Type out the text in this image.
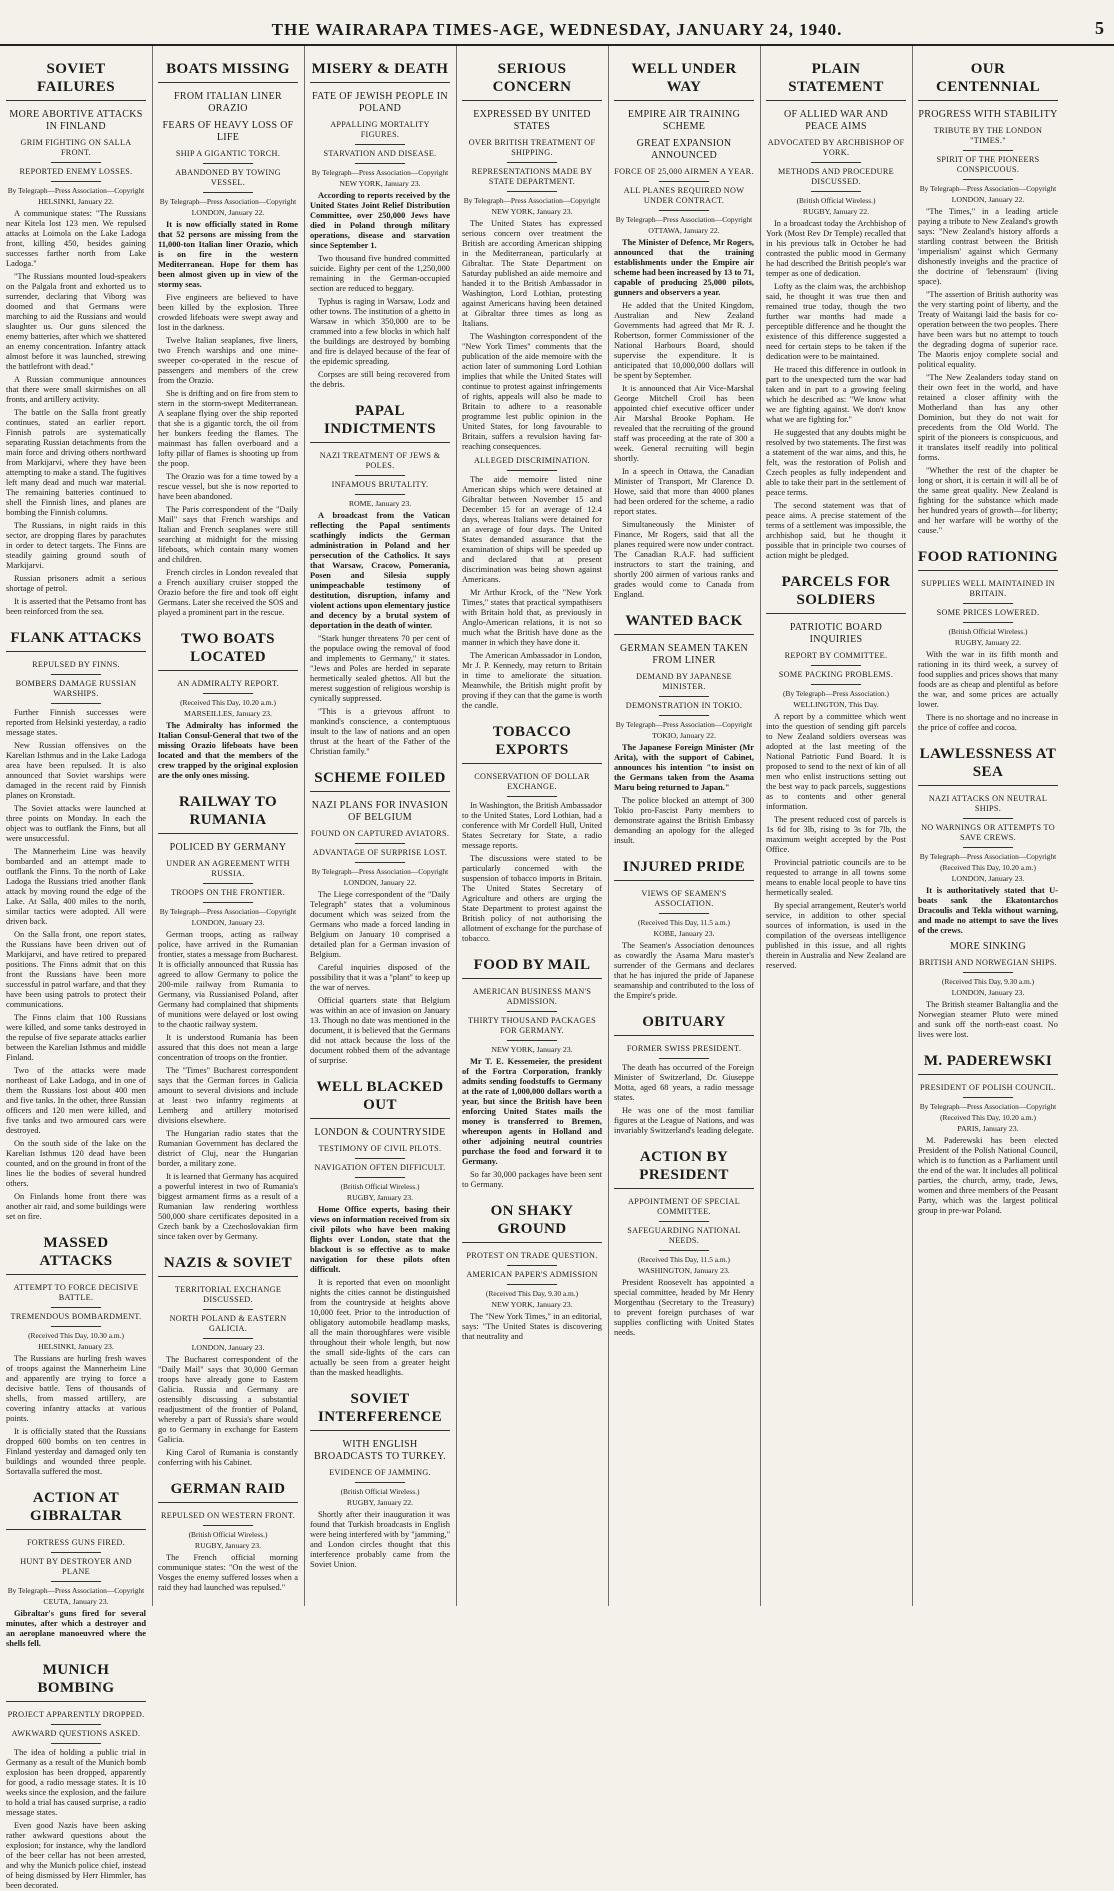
THE WAIRARAPA TIMES-AGE, WEDNESDAY, JANUARY 24, 1940.	5
SOVIET FAILURES
MORE ABORTIVE ATTACKS IN FINLAND
GRIM FIGHTING ON SALLA FRONT.
REPORTED ENEMY LOSSES.
By Telegraph—Press Association—Copyright
HELSINKI, January 22.

A communique states: "The Russians near Kitela lost 123 men. We repulsed attacks at Loimola on the Lake Ladoga front, killing 450, besides gaining successes farther north from Lake Ladoga."

"The Russians mounted loud-speakers on the Palgala front and exhorted us to surrender, declaring that Viborg was doomed and that Germans were marching to aid the Russians and would slaughter us. Our guns silenced the enemy batteries, after which we shattered an enemy concentration. Infantry attack almost before it was launched, strewing the battlefront with dead."

A Russian communique announces that there were small skirmishes on all fronts, and artillery activity.

The battle on the Salla front greatly continues, stated an earlier report. Finnish patrols are systematically separating Russian detachments from the main force and driving others northward from Markijarvi, where they have been attempting to make a stand. The fugitives left many dead and much war material. The remaining batteries continued to shell the Finnish lines, and planes are bombing the Finnish columns.

The Russians, in night raids in this sector, are dropping flares by parachutes in order to detect targets. The Finns are steadily gaining ground south of Markijarvi.

Russian prisoners admit a serious shortage of petrol.

It is asserted that the Petsamo front has been reinforced from the sea.

FLANK ATTACKS
REPULSED BY FINNS.
BOMBERS DAMAGE RUSSIAN WARSHIPS.

Further Finnish successes were reported from Helsinki yesterday, a radio message states.

New Russian offensives on the Karelian Isthmus and in the Lake Ladoga area have been repulsed. It is also announced that Soviet warships were damaged in the recent raid by Finnish planes on Kronstadt.

The Soviet attacks were launched at three points on Monday. In each the object was to outflank the Finns, but all were unsuccessful.

The Mannerheim Line was heavily bombarded and an attempt made to outflank the Finns. To the north of Lake Ladoga the Russians tried another flank attack by moving round the edge of the Lake. At Salla, 400 miles to the north, similar tactics were adopted. All were driven back.

On the Salla front, one report states, the Russians have been driven out of Markijarvi, and have retired to prepared positions. The Finns admit that on this front the Russians have been more successful in patrol warfare, and that they have been using patrols to protect their communications.

The Finns claim that 100 Russians were killed, and some tanks destroyed in the repulse of five separate attacks earlier between the Karelian Isthmus and middle Finland.

Two of the attacks were made northeast of Lake Ladoga, and in one of them the Russians lost about 400 men and five tanks. In the other, three Russian officers and 120 men were killed, and five tanks and two armoured cars were destroyed.

On the south side of the lake on the Karelian Isthmus 120 dead have been counted, and on the ground in front of the lines lie the bodies of several hundred others.

On Finlands home front there was another air raid, and some buildings were set on fire.

MASSED ATTACKS
ATTEMPT TO FORCE DECISIVE BATTLE.
TREMENDOUS BOMBARDMENT.
(Received This Day, 10.30 a.m.)
HELSINKI, January 23.

The Russians are hurling fresh waves of troops against the Mannerheim Line and apparently are trying to force a decisive battle. Tens of thousands of shells, from massed artillery, are covering infantry attacks at various points.

It is officially stated that the Russians dropped 600 bombs on ten centres in Finland yesterday and damaged only ten buildings and wounded three people. Sortavalla suffered the most.

ACTION AT GIBRALTAR
FORTRESS GUNS FIRED.
HUNT BY DESTROYER AND PLANE
By Telegraph—Press Association—Copyright
CEUTA, January 23.

Gibraltar's guns fired for several minutes, after which a destroyer and an aeroplane manoeuvred where the shells fell.

MUNICH BOMBING
PROJECT APPARENTLY DROPPED.
AWKWARD QUESTIONS ASKED.

The idea of holding a public trial in Germany as a result of the Munich bomb explosion has been dropped, apparently for good, a radio message states. It is 10 weeks since the explosion, and the failure to hold a trial has caused surprise, a radio message states.

Even good Nazis have been asking rather awkward questions about the explosion; for instance, why the landlord of the beer cellar has not been arrested, and why the Munich police chief, instead of being dismissed by Herr Himmler, has been decorated.

BOATS MISSING
FROM ITALIAN LINER ORAZIO
FEARS OF HEAVY LOSS OF LIFE
SHIP A GIGANTIC TORCH.
ABANDONED BY TOWING VESSEL.
By Telegraph—Press Association—Copyright
LONDON, January 22.

It is now officially stated in Rome that 52 persons are missing from the 11,000-ton Italian liner Orazio, which is on fire in the western Mediterranean. Hope for them has been almost given up in view of the stormy seas.

Five engineers are believed to have been killed by the explosion. Three crowded lifeboats were swept away and lost in the darkness.

Twelve Italian seaplanes, five liners, two French warships and one mine-sweeper co-operated in the rescue of passengers and members of the crew from the Orazio.

She is drifting and on fire from stem to stern in the storm-swept Mediterranean. A seaplane flying over the ship reported that she is a gigantic torch, the oil from her bunkers feeding the flames. The mainmast has fallen overboard and a lofty pillar of flames is shooting up from the poop.

The Orazio was for a time towed by a rescue vessel, but she is now reported to have been abandoned.

The Paris correspondent of the "Daily Mail" says that French warships and Italian and French seaplanes were still searching at midnight for the missing lifeboats, which contain many women and children.

French circles in London revealed that a French auxiliary cruiser stopped the Orazio before the fire and took off eight Germans. Later she received the SOS and played a prominent part in the rescue.

TWO BOATS LOCATED
AN ADMIRALTY REPORT.
(Received This Day, 10.20 a.m.)
MARSEILLES, January 23.

The Admiralty has informed the Italian Consul-General that two of the missing Orazio lifeboats have been located and that the members of the crew trapped by the original explosion are the only ones missing.

RAILWAY TO RUMANIA
POLICED BY GERMANY
UNDER AN AGREEMENT WITH RUSSIA.
TROOPS ON THE FRONTIER.
By Telegraph—Press Association—Copyright
LONDON, January 23.

German troops, acting as railway police, have arrived in the Rumanian frontier, states a message from Bucharest. It is officially announced that Russia has agreed to allow Germany to police the 200-mile railway from Rumania to Germany, via Russianised Poland, after Germany had complained that shipments of munitions were delayed or lost owing to the chaotic railway system.

It is understood Rumania has been assured that this does not mean a large concentration of troops on the frontier.

The "Times" Bucharest correspondent says that the German forces in Galicia amount to several divisions and include at least two infantry regiments at Lemberg and artillery motorised divisions elsewhere.

The Hungarian radio states that the Rumanian Government has declared the district of Cluj, near the Hungarian border, a military zone.

It is learned that Germany has acquired a powerful interest in two of Rumania's biggest armament firms as a result of a Rumanian law rendering worthless 500,000 share certificates deposited in a Czech bank by a Czechoslovakian firm since taken over by Germany.

NAZIS & SOVIET
TERRITORIAL EXCHANGE DISCUSSED.
NORTH POLAND & EASTERN GALICIA.
LONDON, January 23.

The Bucharest correspondent of the "Daily Mail" says that 30,000 German troops have already gone to Eastern Galicia. Russia and Germany are ostensibly discussing a substantial readjustment of the frontier of Poland, whereby a part of Russia's share would go to Germany in exchange for Eastern Galicia.

King Carol of Rumania is constantly conferring with his Cabinet.

GERMAN RAID
REPULSED ON WESTERN FRONT.
(British Official Wireless.)
RUGBY, January 23.

The French official morning communique states: "On the west of the Vosges the enemy suffered losses when a raid they had launched was repulsed."

MISERY & DEATH
FATE OF JEWISH PEOPLE IN POLAND
APPALLING MORTALITY FIGURES.
STARVATION AND DISEASE.
By Telegraph—Press Association—Copyright
NEW YORK, January 23.

According to reports received by the United States Joint Relief Distribution Committee, over 250,000 Jews have died in Poland through military operations, disease and starvation since September 1.

Two thousand five hundred committed suicide. Eighty per cent of the 1,250,000 remaining in the German-occupied section are reduced to beggary.

Typhus is raging in Warsaw, Lodz and other towns. The institution of a ghetto in Warsaw in which 350,000 are to be crammed into a few blocks in which half the buildings are destroyed by bombing and fire is delayed because of the fear of the epidemic spreading.

Corpses are still being recovered from the debris.

PAPAL INDICTMENTS
NAZI TREATMENT OF JEWS & POLES.
INFAMOUS BRUTALITY.
ROME, January 23.

A broadcast from the Vatican reflecting the Papal sentiments scathingly indicts the German administration in Poland and her persecution of the Catholics. It says that Warsaw, Cracow, Pomerania, Posen and Silesia supply unimpeachable testimony of destitution, disruption, infamy and violent actions upon elementary justice and decency by a brutal system of deportation in the death of winter.

"Stark hunger threatens 70 per cent of the populace owing the removal of food and implements to Germany," it states. "Jews and Poles are herded in separate hermetically sealed ghettos. All but the merest suggestion of religious worship is cynically suppressed.

"This is a grievous affront to mankind's conscience, a contemptuous insult to the law of nations and an open thrust at the heart of the Father of the Christian family."

SCHEME FOILED
NAZI PLANS FOR INVASION OF BELGIUM
FOUND ON CAPTURED AVIATORS.
ADVANTAGE OF SURPRISE LOST.
By Telegraph—Press Association—Copyright
LONDON, January 22.

The Liege correspondent of the "Daily Telegraph" states that a voluminous document which was seized from the Germans who made a forced landing in Belgium on January 10 comprised a detailed plan for a German invasion of Belgium.

Careful inquiries disposed of the possibility that it was a "plant" to keep up the war of nerves.

Official quarters state that Belgium was within an ace of invasion on January 13. Though no date was mentioned in the document, it is believed that the Germans did not attack because the loss of the document robbed them of the advantage of surprise.

WELL BLACKED OUT
LONDON & COUNTRYSIDE
TESTIMONY OF CIVIL PILOTS.
NAVIGATION OFTEN DIFFICULT.
(British Official Wireless.)
RUGBY, January 23.

Home Office experts, basing their views on information received from six civil pilots who have been making flights over London, state that the blackout is so effective as to make navigation for these pilots often difficult.

It is reported that even on moonlight nights the cities cannot be distinguished from the countryside at heights above 10,000 feet. Prior to the introduction of obligatory automobile headlamp masks, all the main thoroughfares were visible throughout their whole length, but now the small side-lights of the cars can actually be seen from a greater height than the masked headlights.

SOVIET INTERFERENCE
WITH ENGLISH BROADCASTS TO TURKEY.
EVIDENCE OF JAMMING.
(British Official Wireless.)
RUGBY, January 22.

Shortly after their inauguration it was found that Turkish broadcasts in English were being interfered with by "jamming," and London circles thought that this interference probably came from the Soviet Union.

SERIOUS CONCERN
EXPRESSED BY UNITED STATES
OVER BRITISH TREATMENT OF SHIPPING.
REPRESENTATIONS MADE BY STATE DEPARTMENT.
By Telegraph—Press Association—Copyright
NEW YORK, January 23.

The United States has expressed serious concern over treatment the British are according American shipping in the Mediterranean, particularly at Gibraltar. The State Department on Saturday published an aide memoire and handed it to the British Ambassador in Washington, Lord Lothian, protesting against Americans having been detained at Gibraltar three times as long as Italians.

The Washington correspondent of the "New York Times" comments that the publication of the aide memoire with the action later of summoning Lord Lothian implies that while the United States will continue to protest against infringements of rights, appeals will also be made to Britain to adhere to a reasonable programme lest public opinion in the United States, for long favourable to Britain, suffers a revulsion having far-reaching consequences.

ALLEGED DISCRIMINATION.

The aide memoire listed nine American ships which were detained at Gibraltar between November 15 and December 15 for an average of 12.4 days, whereas Italians were detained for an average of four days. The United States demanded assurance that the examination of ships will be speeded up and declared that at present discrimination was being shown against Americans.

Mr Arthur Krock, of the "New York Times," states that practical sympathisers with Britain hold that, as previously in Anglo-American relations, it is not so much what the British have done as the manner in which they have done it.

The American Ambassador in London, Mr J. P. Kennedy, may return to Britain in time to ameliorate the situation. Meanwhile, the British might profit by proving if they can that the game is worth the candle.

TOBACCO EXPORTS
CONSERVATION OF DOLLAR EXCHANGE.

In Washington, the British Ambassador to the United States, Lord Lothian, had a conference with Mr Cordell Hull, United States Secretary for State, a radio message reports.

The discussions were stated to be particularly concerned with the suspension of tobacco imports in Britain. The United States Secretary of Agriculture and others are urging the State Department to protest against the British policy of not authorising the allotment of exchange for the purchase of tobacco.

FOOD BY MAIL
AMERICAN BUSINESS MAN'S ADMISSION.
THIRTY THOUSAND PACKAGES FOR GERMANY.
NEW YORK, January 23.

Mr T. E. Kessemeier, the president of the Fortra Corporation, frankly admits sending foodstuffs to Germany at the rate of 1,000,000 dollars worth a year, but since the British have been enforcing United States mails the money is transferred to Bremen, whereupon agents in Holland and other adjoining neutral countries purchase the food and forward it to Germany.

So far 30,000 packages have been sent to Germany.

ON SHAKY GROUND
PROTEST ON TRADE QUESTION.
AMERICAN PAPER'S ADMISSION
(Received This Day, 9.30 a.m.)
NEW YORK, January 23.

The "New York Times," in an editorial, says: "The United States is discovering that neutrality and

WELL UNDER WAY
EMPIRE AIR TRAINING SCHEME
GREAT EXPANSION ANNOUNCED
FORCE OF 25,000 AIRMEN A YEAR.
ALL PLANES REQUIRED NOW UNDER CONTRACT.
By Telegraph—Press Association—Copyright
OTTAWA, January 22.

The Minister of Defence, Mr Rogers, announced that the training establishments under the Empire air scheme had been increased by 13 to 71, capable of producing 25,000 pilots, gunners and observers a year.

He added that the United Kingdom, Australian and New Zealand Governments had agreed that Mr R. J. Robertson, former Commissioner of the National Harbours Board, should supervise the expenditure. It is anticipated that 10,000,000 dollars will be spent by September.

It is announced that Air Vice-Marshal George Mitchell Croil has been appointed chief executive officer under Air Marshal Brooke Popham. He revealed that the recruiting of the ground staff was proceeding at the rate of 300 a week. General recruiting will begin shortly.

In a speech in Ottawa, the Canadian Minister of Transport, Mr Clarence D. Howe, said that more than 4000 planes had been ordered for the scheme, a radio report states.

Simultaneously the Minister of Finance, Mr Rogers, said that all the planes required were now under contract. The Canadian R.A.F. had sufficient instructors to start the training, and shortly 200 airmen of various ranks and grades would come to Canada from England.

WANTED BACK
GERMAN SEAMEN TAKEN FROM LINER
DEMAND BY JAPANESE MINISTER.
DEMONSTRATION IN TOKIO.
By Telegraph—Press Association—Copyright
TOKIO, January 22.

The Japanese Foreign Minister (Mr Arita), with the support of Cabinet, announces his intention "to insist on the Germans taken from the Asama Maru being returned to Japan."

The police blocked an attempt of 300 Tokio pro-Fascist Party members to demonstrate against the British Embassy demanding an apology for the alleged insult.

INJURED PRIDE
VIEWS OF SEAMEN'S ASSOCIATION.
(Received This Day, 11.5 a.m.)
KOBE, January 23.

The Seamen's Association denounces as cowardly the Asama Maru master's surrender of the Germans and declares that he has injured the pride of Japanese seamanship and contributed to the loss of the Empire's pride.

OBITUARY
FORMER SWISS PRESIDENT.

The death has occurred of the Foreign Minister of Switzerland, Dr. Giuseppe Motta, aged 68 years, a radio message states.

He was one of the most familiar figures at the League of Nations, and was invariably Switzerland's leading delegate.

ACTION BY PRESIDENT
APPOINTMENT OF SPECIAL COMMITTEE.
SAFEGUARDING NATIONAL NEEDS.
(Received This Day, 11.5 a.m.)
WASHINGTON, January 23.

President Roosevelt has appointed a special committee, headed by Mr Henry Morgenthau (Secretary to the Treasury) to prevent foreign purchases of war supplies conflicting with United States needs.

PLAIN STATEMENT
OF ALLIED WAR AND PEACE AIMS
ADVOCATED BY ARCHBISHOP OF YORK.
METHODS AND PROCEDURE DISCUSSED.
(British Official Wireless.)
RUGBY, January 22.

In a broadcast today the Archbishop of York (Most Rev Dr Temple) recalled that in his previous talk in October he had contrasted the public mood in Germany he had described the British people's war temper as one of dedication.

Lofty as the claim was, the archbishop said, he thought it was true then and remained true today, though the two further war months had made a perceptible difference and he thought the existence of this difference suggested a need for certain steps to be taken if the dedication were to be maintained.

He traced this difference in outlook in part to the unexpected turn the war had taken and in part to a growing feeling which he described as: "We know what we are fighting against. We don't know what we are fighting for."

He suggested that any doubts might be resolved by two statements. The first was a statement of the war aims, and this, he felt, was the restoration of Polish and Czech peoples as fully independent and able to take their part in the settlement of peace terms.

The second statement was that of peace aims. A precise statement of the terms of a settlement was impossible, the archbishop said, but he thought it possible that in principle two courses of action might be pledged.

PARCELS FOR SOLDIERS
PATRIOTIC BOARD INQUIRIES
REPORT BY COMMITTEE.
SOME PACKING PROBLEMS.
(By Telegraph—Press Association.)
WELLINGTON, This Day.

A report by a committee which went into the question of sending gift parcels to New Zealand soldiers overseas was adopted at the last meeting of the National Patriotic Fund Board. It is proposed to send to the next of kin of all men who enlist instructions setting out the best way to pack parcels, suggestions as to contents and other general information.

The present reduced cost of parcels is 1s 6d for 3lb, rising to 3s for 7lb, the maximum weight accepted by the Post Office.

Provincial patriotic councils are to be requested to arrange in all towns some means to enable local people to have tins hermetically sealed.

By special arrangement, Reuter's world service, in addition to other special sources of information, is used in the compilation of the overseas intelligence published in this issue, and all rights therein in Australia and New Zealand are reserved.

OUR CENTENNIAL
PROGRESS WITH STABILITY
TRIBUTE BY THE LONDON "TIMES."
SPIRIT OF THE PIONEERS CONSPICUOUS.
By Telegraph—Press Association—Copyright
LONDON, January 22.

"The Times," in a leading article paying a tribute to New Zealand's growth says: "New Zealand's history affords a startling contrast between the British 'imperialism' against which Germany dishonestly inveighs and the practice of the doctrine of 'lebensraum' (living space).

"The assertion of British authority was the very starting point of liberty, and the Treaty of Waitangi laid the basis for co-operation between the two peoples. There have been wars but no attempt to touch the degrading dogma of superior race. The Maoris enjoy complete social and political equality.

"The New Zealanders today stand on their own feet in the world, and have retained a closer affinity with the Motherland than has any other Dominion, but they do not wait for precedents from the Old World. The spirit of the pioneers is conspicuous, and it translates itself readily into political forms.

"Whether the rest of the chapter be long or short, it is certain it will all be of the same great quality. New Zealand is fighting for the substance which made her hundred years of growth—for liberty; and her warfare will be worthy of the cause."

FOOD RATIONING
SUPPLIES WELL MAINTAINED IN BRITAIN.
SOME PRICES LOWERED.
(British Official Wireless.)
RUGBY, January 22.

With the war in its fifth month and rationing in its third week, a survey of food supplies and prices shows that many foods are as cheap and plentiful as before the war, and some prices are actually lower.

There is no shortage and no increase in the price of coffee and cocoa.

LAWLESSNESS AT SEA
NAZI ATTACKS ON NEUTRAL SHIPS.
NO WARNINGS OR ATTEMPTS TO SAVE CREWS.
By Telegraph—Press Association—Copyright
(Received This Day, 10.20 a.m.)
LONDON, January 23.

It is authoritatively stated that U-boats sank the Ekatontarchos Dracoulis and Tekla without warning, and made no attempt to save the lives of the crews.

MORE SINKING
BRITISH AND NORWEGIAN SHIPS.
(Received This Day, 9.30 a.m.)
LONDON, January 23.

The British steamer Baltanglia and the Norwegian steamer Pluto were mined and sunk off the north-east coast. No lives were lost.

M. PADEREWSKI
PRESIDENT OF POLISH COUNCIL.
By Telegraph—Press Association—Copyright
(Received This Day, 10.20 a.m.)
PARIS, January 23.

M. Paderewski has been elected President of the Polish National Council, which is to function as a Parliament until the end of the war. It includes all political parties, the church, army, trade, Jews, women and three members of the Peasant Party, which was the largest political group in pre-war Poland.
